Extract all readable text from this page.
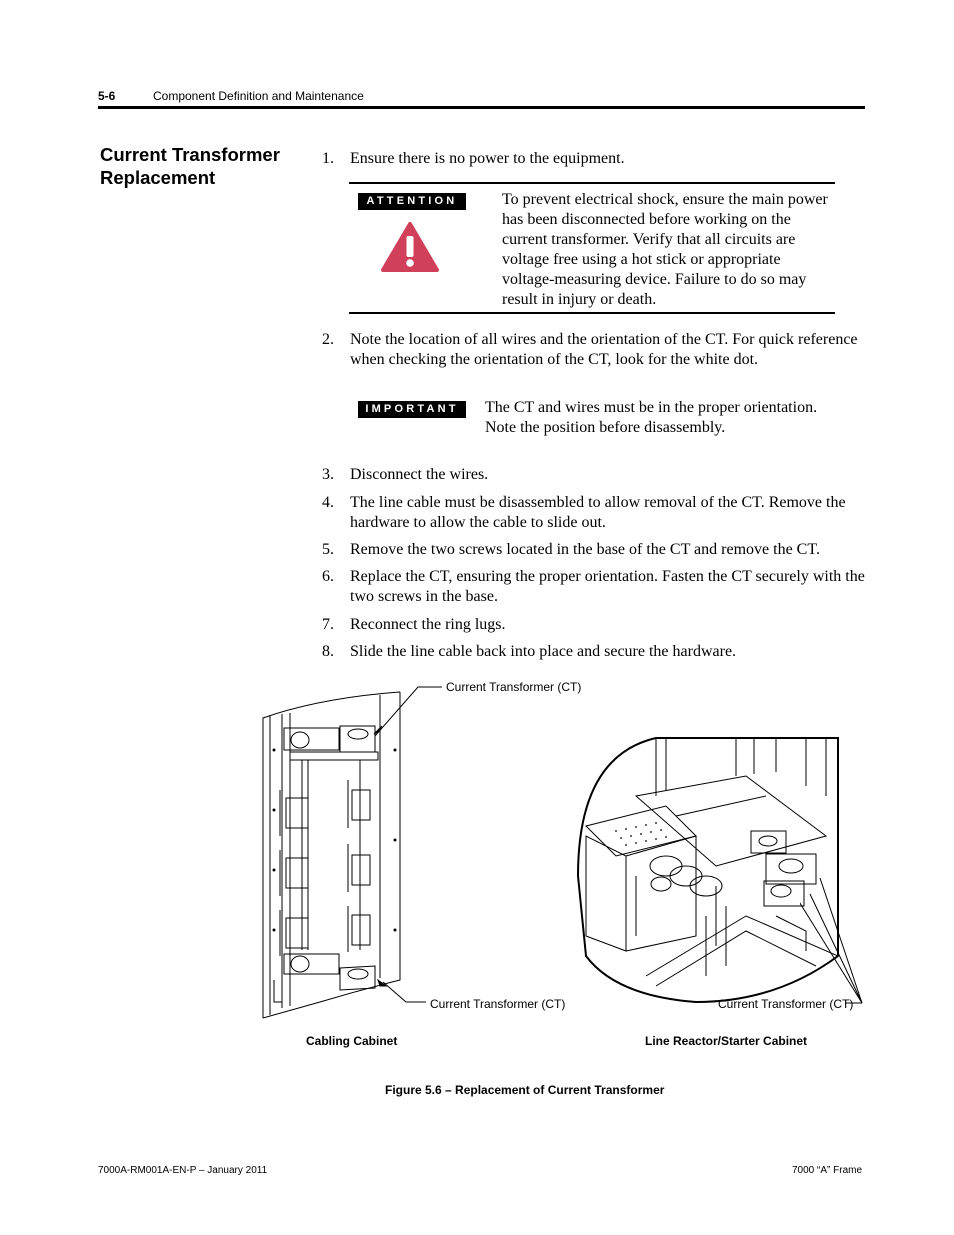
5-6	Component Definition and Maintenance
Current Transformer
Replacement
1. Ensure there is no power to the equipment.
ATTENTION	To prevent electrical shock, ensure the main power has been disconnected before working on the current transformer. Verify that all circuits are voltage free using a hot stick or appropriate voltage-measuring device. Failure to do so may result in injury or death.
2. Note the location of all wires and the orientation of the CT. For quick reference when checking the orientation of the CT, look for the white dot.
IMPORTANT	The CT and wires must be in the proper orientation. Note the position before disassembly.
3. Disconnect the wires.
4. The line cable must be disassembled to allow removal of the CT. Remove the hardware to allow the cable to slide out.
5. Remove the two screws located in the base of the CT and remove the CT.
6. Replace the CT, ensuring the proper orientation. Fasten the CT securely with the two screws in the base.
7. Reconnect the ring lugs.
8. Slide the line cable back into place and secure the hardware.
Current Transformer (CT)
Current Transformer (CT)	Current Transformer (CT)
Cabling Cabinet	Line Reactor/Starter Cabinet
Figure 5.6 – Replacement of Current Transformer
7000A-RM001A-EN-P – January 2011	7000 “A” Frame
